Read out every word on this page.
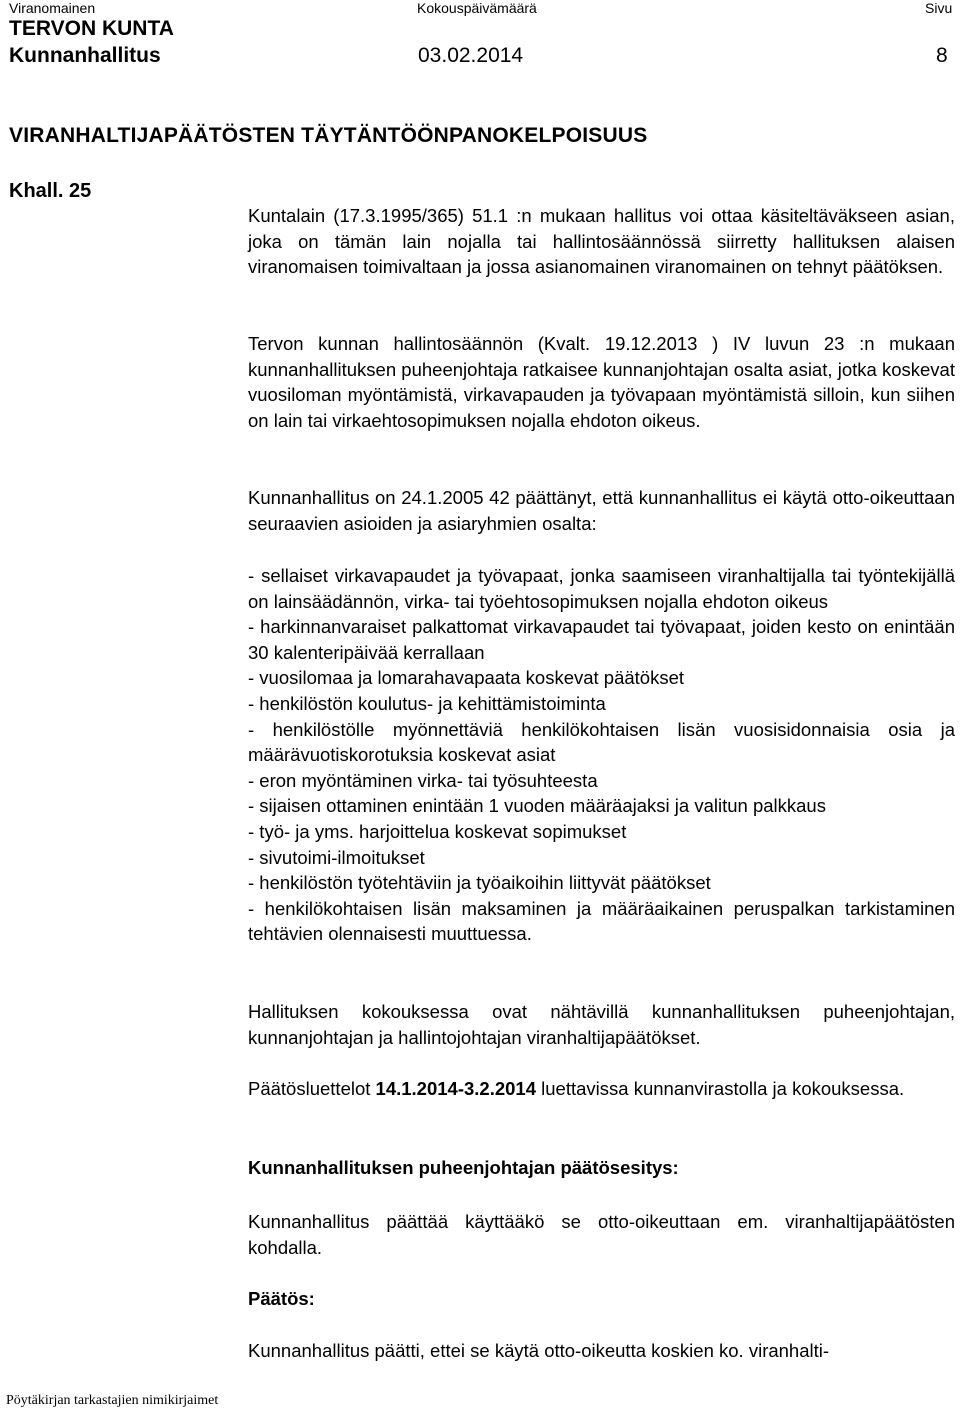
Viranomainen	Kokouspäivämäärä	Sivu
TERVON KUNTA
Kunnanhallitus	03.02.2014	8
VIRANHALTIJAPÄÄTÖSTEN TÄYTÄNTÖÖNPANOKELPOISUUS
Khall. 25

Kuntalain (17.3.1995/365) 51.1 :n mukaan hallitus voi ottaa käsiteltäväkseen asian, joka on tämän lain nojalla tai hallintosäännössä siirretty hallituksen alaisen viranomaisen toimivaltaan ja jossa asianomainen viranomainen on tehnyt päätöksen.

Tervon kunnan hallintosäännön (Kvalt. 19.12.2013 ) IV luvun 23 :n mukaan kunnanhallituksen puheenjohtaja ratkaisee kunnanjohtajan osalta asiat, jotka koskevat vuosiloman myöntämistä, virkavapauden ja työvapaan myöntämistä silloin, kun siihen on lain tai virkaehtosopimuksen nojalla ehdoton oikeus.

Kunnanhallitus on 24.1.2005 42 päättänyt, että kunnanhallitus ei käytä otto-oikeuttaan seuraavien asioiden ja asiaryhmien osalta:

- sellaiset virkavapaudet ja työvapaat, jonka saamiseen viranhaltijalla tai työntekijällä on lainsäädännön, virka- tai työehtosopimuksen nojalla ehdoton oikeus

- harkinnanvaraiset palkattomat virkavapaudet tai työvapaat, joiden kesto on enintään 30 kalenteripäivää kerrallaan

- vuosilomaa ja lomarahavapaata koskevat päätökset

- henkilöstön koulutus- ja kehittämistoiminta

- henkilöstölle myönnettäviä henkilökohtaisen lisän vuosisidonnaisia osia ja määrävuotiskorotuksia koskevat asiat

- eron myöntäminen virka- tai työsuhteesta

- sijaisen ottaminen enintään 1 vuoden määräajaksi ja valitun palkkaus

- työ- ja yms. harjoittelua koskevat sopimukset

- sivutoimi-ilmoitukset

- henkilöstön työtehtäviin ja työaikoihin liittyvät päätökset

- henkilökohtaisen lisän maksaminen ja määräaikainen peruspalkan tarkistaminen tehtävien olennaisesti muuttuessa.

Hallituksen kokouksessa ovat nähtävillä kunnanhallituksen puheenjohtajan, kunnanjohtajan ja hallintojohtajan viranhaltijapäätökset.

Päätösluettelot 14.1.2014-3.2.2014 luettavissa kunnanvirastolla ja kokouksessa.

Kunnanhallituksen puheenjohtajan päätösesitys:

Kunnanhallitus päättää käyttääkö se otto-oikeuttaan em. viranhaltijapäätösten kohdalla.

Päätös:

Kunnanhallitus päätti, ettei se käytä otto-oikeutta koskien ko. viranhalti-

Pöytäkirjan tarkastajien nimikirjaimet
